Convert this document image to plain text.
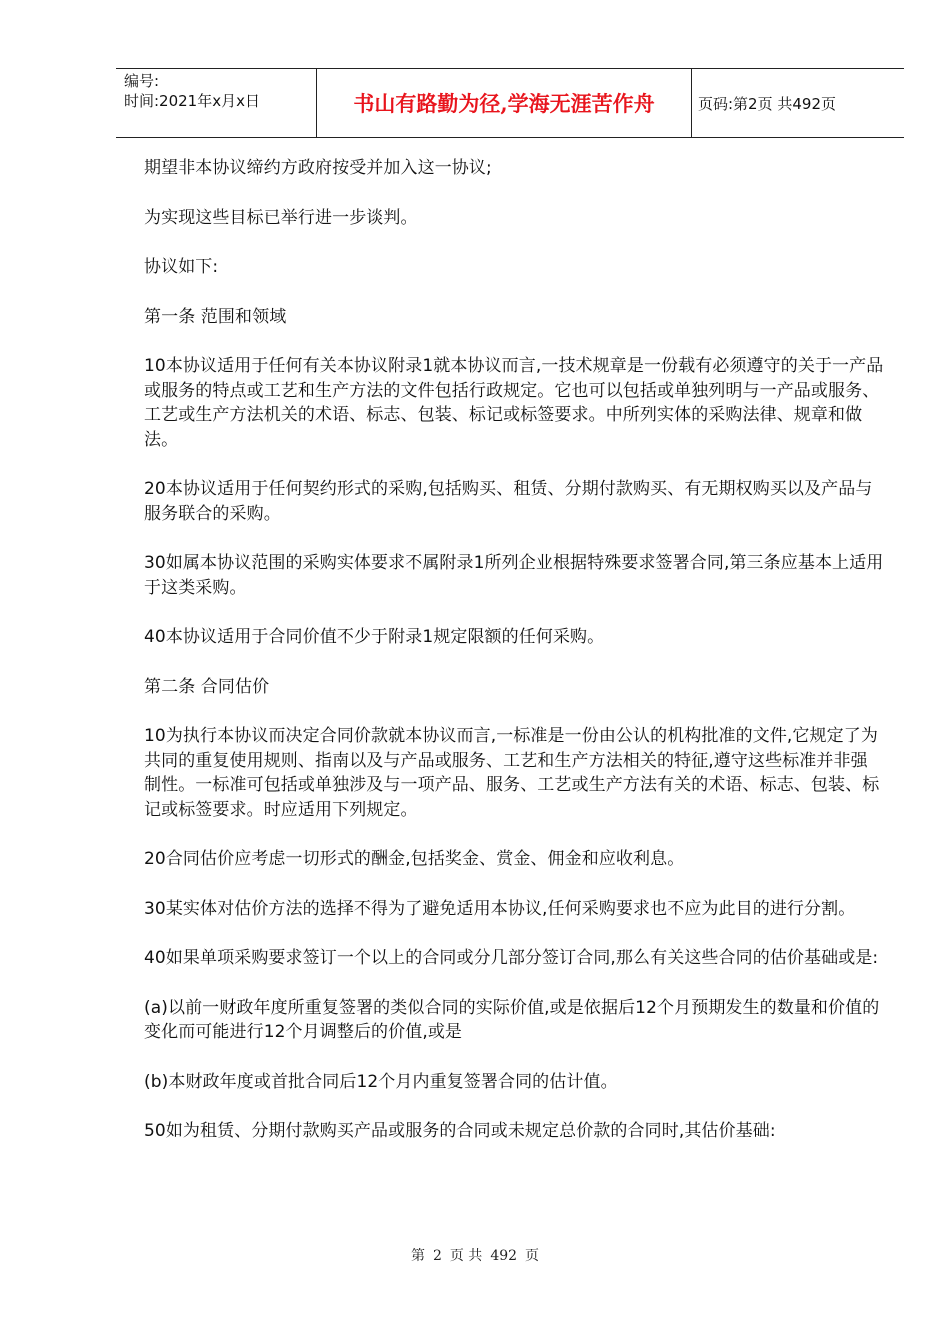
编号:
时间:2021年x月x日	书山有路勤为径,学海无涯苦作舟	页码:第2页 共492页

期望非本协议缔约方政府按受并加入这一协议;

为实现这些目标已举行进一步谈判。

协议如下:

第一条 范围和领域

10本协议适用于任何有关本协议附录1就本协议而言,一技术规章是一份载有必须遵守的关于一产品或服务的特点或工艺和生产方法的文件包括行政规定。它也可以包括或单独列明与一产品或服务、工艺或生产方法机关的术语、标志、包装、标记或标签要求。中所列实体的采购法律、规章和做法。

20本协议适用于任何契约形式的采购,包括购买、租赁、分期付款购买、有无期权购买以及产品与服务联合的采购。

30如属本协议范围的采购实体要求不属附录1所列企业根据特殊要求签署合同,第三条应基本上适用于这类采购。

40本协议适用于合同价值不少于附录1规定限额的任何采购。

第二条 合同估价

10为执行本协议而决定合同价款就本协议而言,一标准是一份由公认的机构批准的文件,它规定了为共同的重复使用规则、指南以及与产品或服务、工艺和生产方法相关的特征,遵守这些标准并非强制性。一标准可包括或单独涉及与一项产品、服务、工艺或生产方法有关的术语、标志、包装、标记或标签要求。时应适用下列规定。

20合同估价应考虑一切形式的酬金,包括奖金、赏金、佣金和应收利息。

30某实体对估价方法的选择不得为了避免适用本协议,任何采购要求也不应为此目的进行分割。

40如果单项采购要求签订一个以上的合同或分几部分签订合同,那么有关这些合同的估价基础或是:

(a)以前一财政年度所重复签署的类似合同的实际价值,或是依据后12个月预期发生的数量和价值的变化而可能进行12个月调整后的价值,或是

(b)本财政年度或首批合同后12个月内重复签署合同的估计值。

50如为租赁、分期付款购买产品或服务的合同或未规定总价款的合同时,其估价基础:

第 2 页 共 492 页
